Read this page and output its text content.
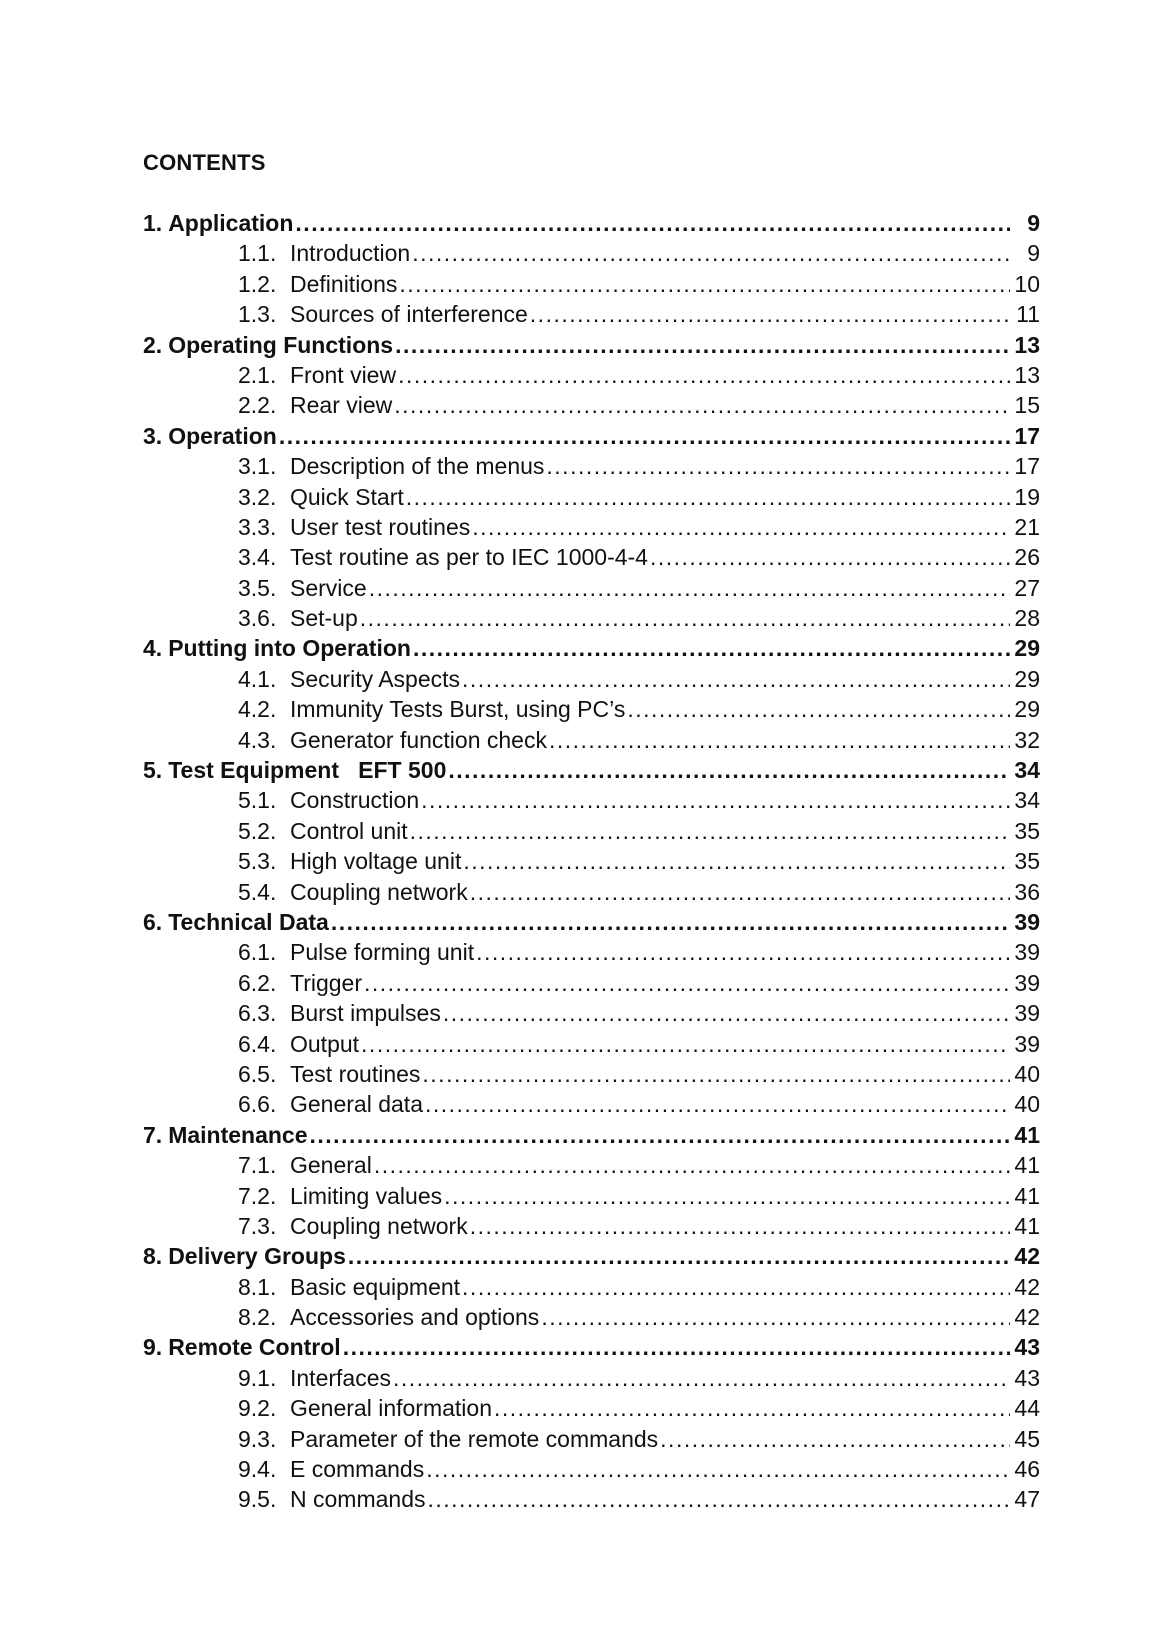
CONTENTS
1. Application .....	9
1.1. Introduction .....	9
1.2. Definitions .....	10
1.3. Sources of interference .....	11
2. Operating Functions .....	13
2.1. Front view .....	13
2.2. Rear view .....	15
3. Operation .....	17
3.1. Description of the menus .....	17
3.2. Quick Start .....	19
3.3. User test routines .....	21
3.4. Test routine as per to IEC 1000-4-4 .....	26
3.5. Service .....	27
3.6. Set-up .....	28
4. Putting into Operation .....	29
4.1. Security Aspects .....	29
4.2. Immunity Tests Burst, using PC’s .....	29
4.3. Generator function check .....	32
5. Test Equipment   EFT 500 .....	34
5.1. Construction .....	34
5.2. Control unit .....	35
5.3. High voltage unit .....	35
5.4. Coupling network .....	36
6. Technical Data .....	39
6.1. Pulse forming unit .....	39
6.2. Trigger .....	39
6.3. Burst impulses .....	39
6.4. Output .....	39
6.5. Test routines .....	40
6.6. General data .....	40
7. Maintenance .....	41
7.1. General .....	41
7.2. Limiting values .....	41
7.3. Coupling network .....	41
8. Delivery Groups .....	42
8.1. Basic equipment .....	42
8.2. Accessories and options .....	42
9. Remote Control .....	43
9.1. Interfaces .....	43
9.2. General information .....	44
9.3. Parameter of the remote commands .....	45
9.4. E commands .....	46
9.5. N commands .....	47
